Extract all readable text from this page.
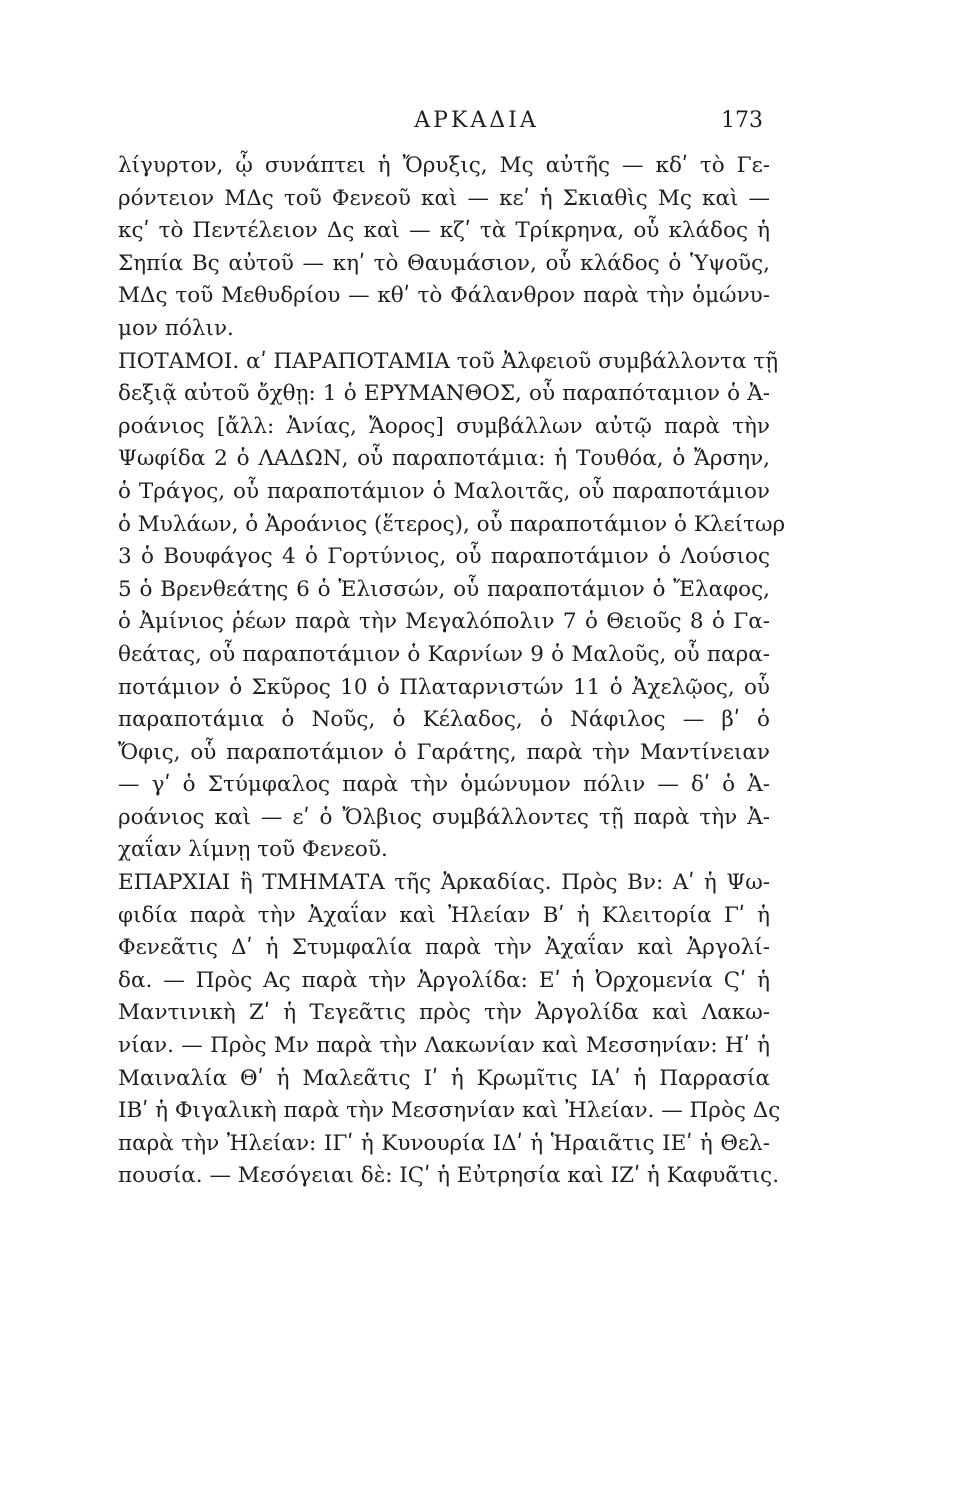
ΑΡΚΑΔΙΑ	173
λίγυρτον, ᾧ συνάπτει ἡ Ὄρυξις, Μς αὐτῆς — κδʹ τὸ Γε-
ρόντειον ΜΔς τοῦ Φενεοῦ καὶ — κεʹ ἡ Σκιαθὶς Μς καὶ —
κςʹ τὸ Πεντέλειον Δς καὶ — κζʹ τὰ Τρίκρηνα, οὗ κλάδος ἡ
Σηπία Βς αὐτοῦ — κηʹ τὸ Θαυμάσιον, οὗ κλάδος ὁ Ὑψοῦς,
ΜΔς τοῦ Μεθυδρίου — κθʹ τὸ Φάλανθρον παρὰ τὴν ὁμώνυ-
μον πόλιν.
ΠΟΤΑΜΟΙ. αʹ ΠΑΡΑΠΟΤΑΜΙΑ τοῦ Ἀλφειοῦ συμβάλλοντα τῇ
δεξιᾷ αὐτοῦ ὄχθῃ: 1 ὁ ΕΡΥΜΑΝΘΟΣ, οὗ παραπόταμιον ὁ Ἀ-
ροάνιος [ἄλλ: Ἀνίας, Ἄορος] συμβάλλων αὐτῷ παρὰ τὴν
Ψωφίδα 2 ὁ ΛΑΔΩΝ, οὗ παραποτάμια: ἡ Τουθόα, ὁ Ἄρσην,
ὁ Τράγος, οὗ παραποτάμιον ὁ Μαλοιτᾶς, οὗ παραποτάμιον
ὁ Μυλάων, ὁ Ἀροάνιος (ἕτερος), οὗ παραποτάμιον ὁ Κλείτωρ
3 ὁ Βουφάγος 4 ὁ Γορτύνιος, οὗ παραποτάμιον ὁ Λούσιος
5 ὁ Βρενθεάτης 6 ὁ Ἑλισσών, οὗ παραποτάμιον ὁ Ἔλαφος,
ὁ Ἀμίνιος ῥέων παρὰ τὴν Μεγαλόπολιν 7 ὁ Θειοῦς 8 ὁ Γα-
θεάτας, οὗ παραποτάμιον ὁ Καρνίων 9 ὁ Μαλοῦς, οὗ παρα-
ποτάμιον ὁ Σκῦρος 10 ὁ Πλαταρνιστών 11 ὁ Ἀχελῷος, οὗ
παραποτάμια ὁ Νοῦς, ὁ Κέλαδος, ὁ Νάφιλος — βʹ ὁ
Ὄφις, οὗ παραποτάμιον ὁ Γαράτης, παρὰ τὴν Μαντίνειαν
— γʹ ὁ Στύμφαλος παρὰ τὴν ὁμώνυμον πόλιν — δʹ ὁ Ἀ-
ροάνιος καὶ — εʹ ὁ Ὄλβιος συμβάλλοντες τῇ παρὰ τὴν Ἀ-
χαΐαν λίμνῃ τοῦ Φενεοῦ.
ΕΠΑΡΧΙΑΙ ἢ ΤΜΗΜΑΤΑ τῆς Ἀρκαδίας. Πρὸς Βν: Αʹ ἡ Ψω-
φιδία παρὰ τὴν Ἀχαΐαν καὶ Ἠλείαν Βʹ ἡ Κλειτορία Γʹ ἡ
Φενεᾶτις Δʹ ἡ Στυμφαλία παρὰ τὴν Ἀχαΐαν καὶ Ἀργολί-
δα. — Πρὸς Ας παρὰ τὴν Ἀργολίδα: Εʹ ἡ Ὀρχομενία Ϛʹ ἡ
Μαντινικὴ Ζʹ ἡ Τεγεᾶτις πρὸς τὴν Ἀργολίδα καὶ Λακω-
νίαν. — Πρὸς Μν παρὰ τὴν Λακωνίαν καὶ Μεσσηνίαν: Ηʹ ἡ
Μαιναλία Θʹ ἡ Μαλεᾶτις Ιʹ ἡ Κρωμῖτις ΙΑʹ ἡ Παρρασία
ΙΒʹ ἡ Φιγαλικὴ παρὰ τὴν Μεσσηνίαν καὶ Ἠλείαν. — Πρὸς Δς
παρὰ τὴν Ἠλείαν: ΙΓʹ ἡ Κυνουρία ΙΔʹ ἡ Ἡραιᾶτις ΙΕʹ ἡ Θελ-
πουσία. — Μεσόγειαι δὲ: ΙϚʹ ἡ Εὐτρησία καὶ ΙΖʹ ἡ Καφυᾶτις.
